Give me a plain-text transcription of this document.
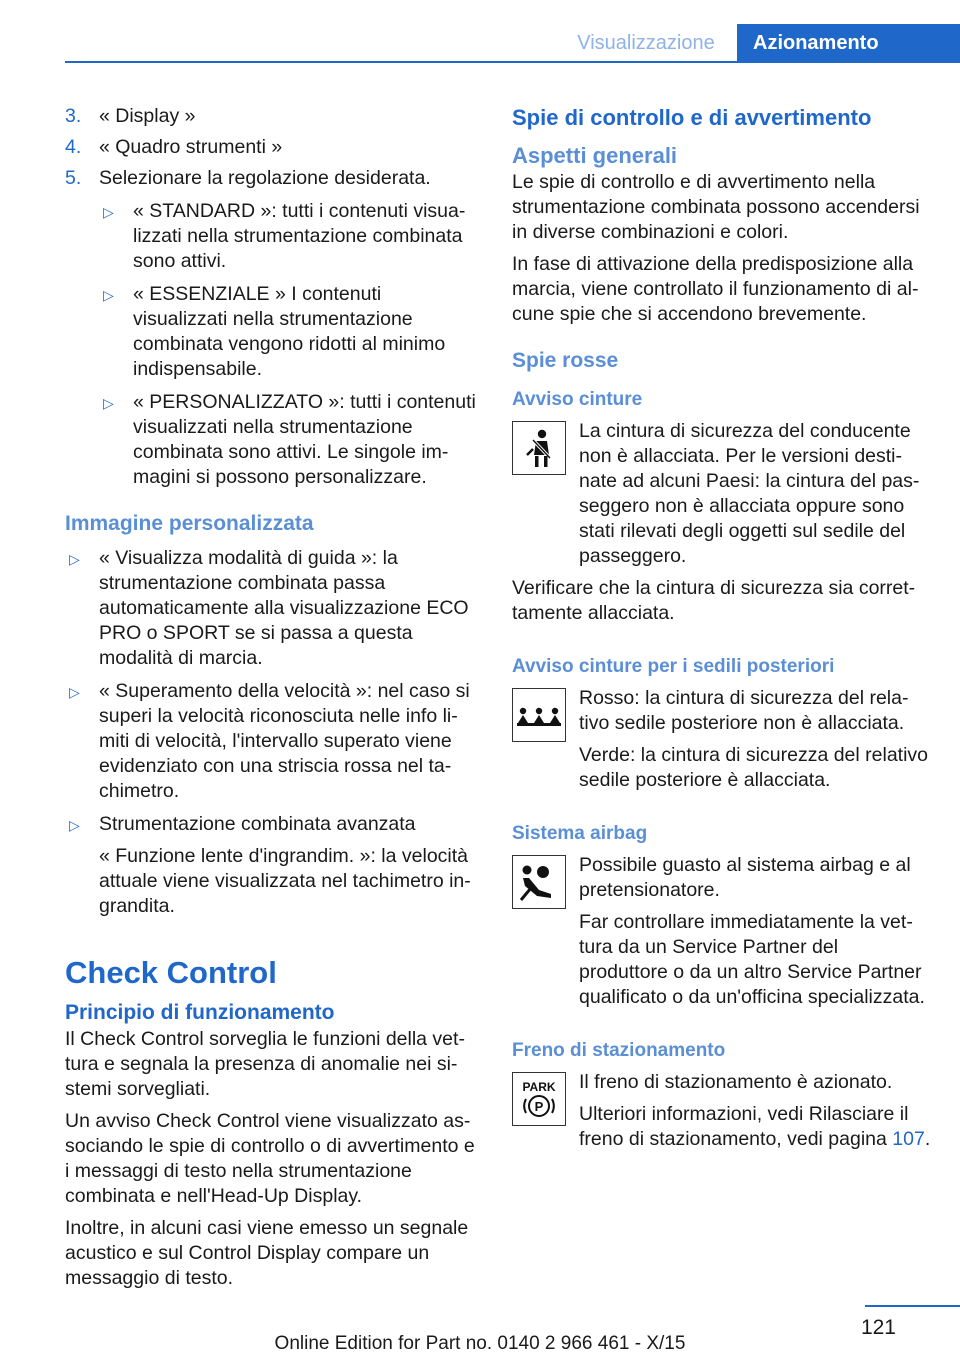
Visualizzazione	Azionamento
3. « Display »
4. « Quadro strumenti »
5. Selezionare la regolazione desiderata.
▷ « STANDARD »: tutti i contenuti visualizzati nella strumentazione combinata sono attivi.
▷ « ESSENZIALE » I contenuti visualizzati nella strumentazione combinata vengono ridotti al minimo indispensabile.
▷ « PERSONALIZZATO »: tutti i contenuti visualizzati nella strumentazione combinata sono attivi. Le singole immagini si possono personalizzare.
Immagine personalizzata
▷ « Visualizza modalità di guida »: la strumentazione combinata passa automaticamente alla visualizzazione ECO PRO o SPORT se si passa a questa modalità di marcia.
▷ « Superamento della velocità »: nel caso si superi la velocità riconosciuta nelle info limiti di velocità, l'intervallo superato viene evidenziato con una striscia rossa nel tachimetro.
▷ Strumentazione combinata avanzata
« Funzione lente d'ingrandim. »: la velocità attuale viene visualizzata nel tachimetro ingrandita.
Check Control
Principio di funzionamento

Il Check Control sorveglia le funzioni della vettura e segnala la presenza di anomalie nei sistemi sorvegliati.

Un avviso Check Control viene visualizzato associando le spie di controllo o di avvertimento e i messaggi di testo nella strumentazione combinata e nell'Head-Up Display.

Inoltre, in alcuni casi viene emesso un segnale acustico e sul Control Display compare un messaggio di testo.

Spie di controllo e di avvertimento
Aspetti generali

Le spie di controllo e di avvertimento nella strumentazione combinata possono accendersi in diverse combinazioni e colori.

In fase di attivazione della predisposizione alla marcia, viene controllato il funzionamento di alcune spie che si accendono brevemente.

Spie rosse
Avviso cinture
La cintura di sicurezza del conducente non è allacciata. Per le versioni destinate ad alcuni Paesi: la cintura del passeggero non è allacciata oppure sono stati rilevati degli oggetti sul sedile del passeggero.

Verificare che la cintura di sicurezza sia correttamente allacciata.

Avviso cinture per i sedili posteriori
Rosso: la cintura di sicurezza del relativo sedile posteriore non è allacciata.
Verde: la cintura di sicurezza del relativo sedile posteriore è allacciata.
Sistema airbag
Possibile guasto al sistema airbag e al pretensionatore.
Far controllare immediatamente la vettura da un Service Partner del produttore o da un altro Service Partner qualificato o da un'officina specializzata.
Freno di stazionamento
PARK
P
Il freno di stazionamento è azionato.
Ulteriori informazioni, vedi Rilasciare il freno di stazionamento, vedi pagina 107.
121
Online Edition for Part no. 0140 2 966 461 - X/15
